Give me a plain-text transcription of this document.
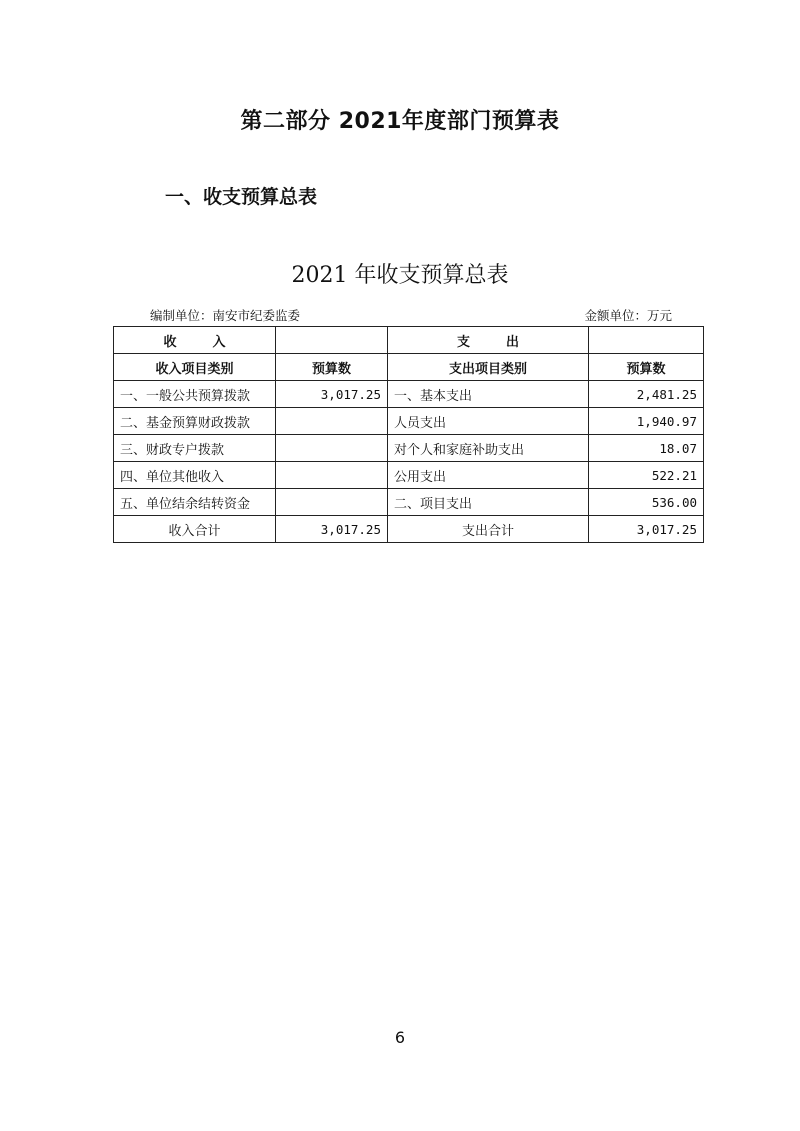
第二部分 2021年度部门预算表
一、收支预算总表
2021 年收支预算总表
编制单位：南安市纪委监委	金额单位：万元
收 入		支 出	
收入项目类别	预算数	支出项目类别	预算数
一、一般公共预算拨款	3,017.25	一、基本支出	2,481.25
二、基金预算财政拨款		人员支出	1,940.97
三、财政专户拨款		对个人和家庭补助支出	18.07
四、单位其他收入		公用支出	522.21
五、单位结余结转资金		二、项目支出	536.00
收入合计	3,017.25	支出合计	3,017.25
6
